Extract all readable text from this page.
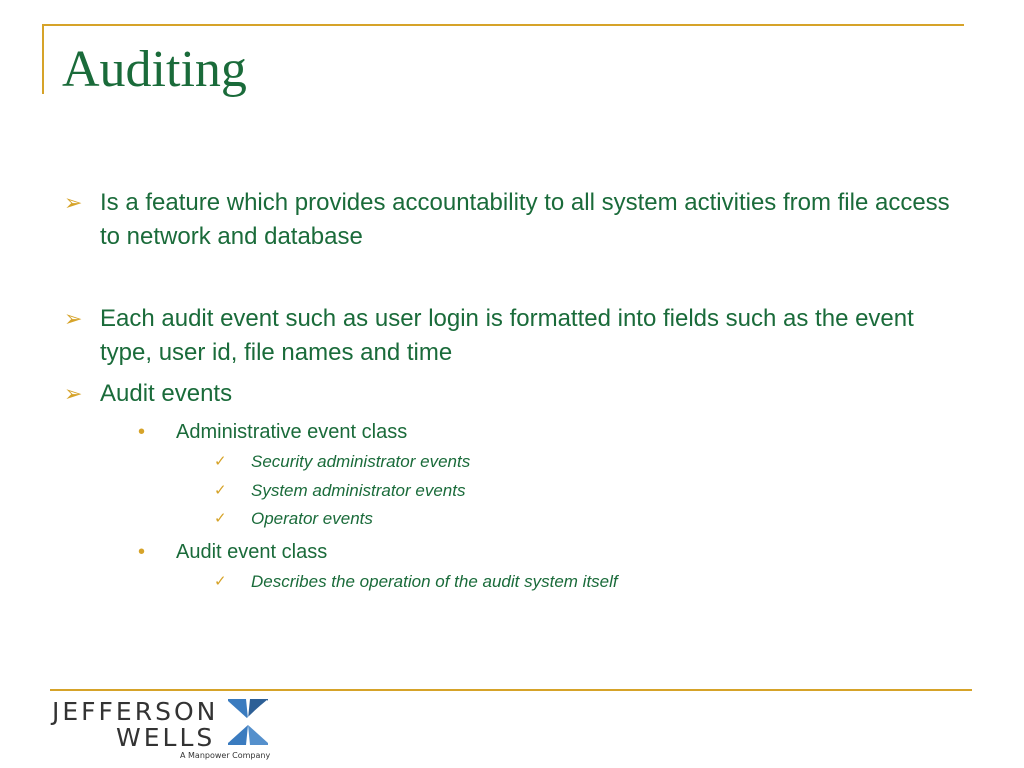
Auditing
➢ Is a feature which provides accountability to all system activities from file access to network and database
➢ Each audit event such as user login is formatted into fields such as the event type, user id, file names and time
➢ Audit events
• Administrative event class
✓ Security administrator events
✓ System administrator events
✓ Operator events
• Audit event class
✓ Describes the operation of the audit system itself
JEFFERSON
WELLS
A Manpower Company
